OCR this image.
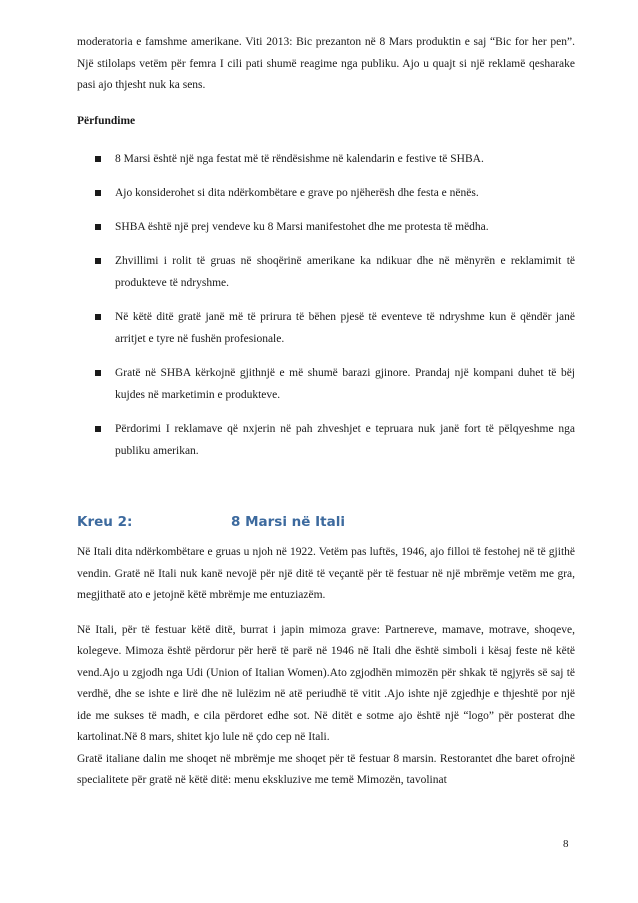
moderatoria e famshme amerikane. Viti 2013: Bic prezanton në 8 Mars produktin e saj “Bic for her pen”. Një stilolaps vetëm për femra I cili pati shumë reagime nga publiku. Ajo u quajt si një reklamë qesharake pasi ajo thjesht nuk ka sens.

Përfundime
8 Marsi është një nga festat më të rëndësishme në kalendarin e festive të SHBA.
Ajo konsiderohet si dita ndërkombëtare e grave po njëherësh dhe festa e nënës.
SHBA është një prej vendeve ku 8 Marsi manifestohet dhe me protesta të mëdha.
Zhvillimi i rolit të gruas në shoqërinë amerikane ka ndikuar dhe në mënyrën e reklamimit të produkteve të ndryshme.
Në këtë ditë gratë janë më të prirura të bëhen pjesë të eventeve të ndryshme kun ë qëndër janë arritjet e tyre në fushën profesionale.
Gratë në SHBA kërkojnë gjithnjë e më shumë barazi gjinore. Prandaj një kompani duhet të bëj kujdes në marketimin e produkteve.
Përdorimi I reklamave që nxjerin në pah zhveshjet e tepruara nuk janë fort të pëlqyeshme nga publiku amerikan.
Kreu 2:	8 Marsi në Itali

Në Itali dita ndërkombëtare e gruas u njoh në 1922. Vetëm pas luftës, 1946, ajo filloi të festohej në të gjithë vendin. Gratë në Itali nuk kanë nevojë për një ditë të veçantë për të festuar në një mbrëmje vetëm me gra, megjithatë ato e jetojnë këtë mbrëmje me entuziazëm.

Në Itali, për të festuar këtë ditë, burrat i japin mimoza grave: Partnereve, mamave, motrave, shoqeve, kolegeve. Mimoza është përdorur për herë të parë në 1946 në Itali dhe është simboli i kësaj feste në këtë vend.Ajo u zgjodh nga Udi (Union of Italian Women).Ato zgjodhën mimozën për shkak të ngjyrës së saj të verdhë, dhe se ishte e lirë dhe në lulëzim në atë periudhë të vitit .Ajo ishte një zgjedhje e thjeshtë por një ide me sukses të madh, e cila përdoret edhe sot. Në ditët e sotme ajo është një “logo” për posterat dhe kartolinat.Në 8 mars, shitet kjo lule në çdo cep në Itali.

Gratë italiane dalin me shoqet në mbrëmje me shoqet për të festuar 8 marsin. Restorantet dhe baret ofrojnë specialitete për gratë në këtë ditë: menu ekskluzive me temë Mimozën, tavolinat

8
